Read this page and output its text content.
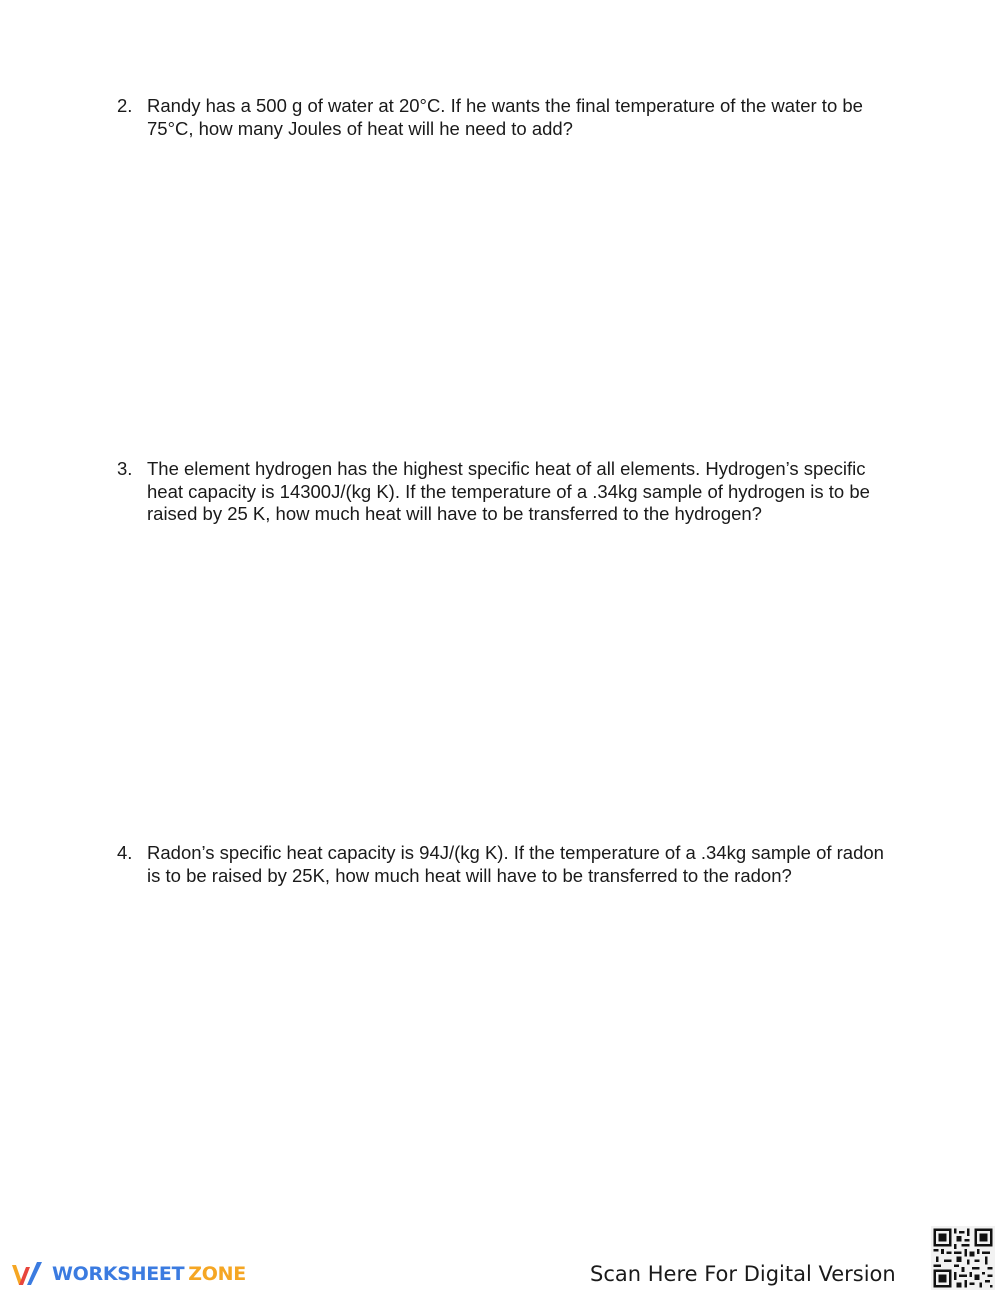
2. Randy has a 500 g of water at 20°C. If he wants the final temperature of the water to be 75°C, how many Joules of heat will he need to add?
3. The element hydrogen has the highest specific heat of all elements. Hydrogen’s specific heat capacity is 14300J/(kg K). If the temperature of a .34kg sample of hydrogen is to be raised by 25 K, how much heat will have to be transferred to the hydrogen?
4. Radon’s specific heat capacity is 94J/(kg K). If the temperature of a .34kg sample of radon is to be raised by 25K, how much heat will have to be transferred to the radon?
WORKSHEET ZONE	Scan Here For Digital Version
